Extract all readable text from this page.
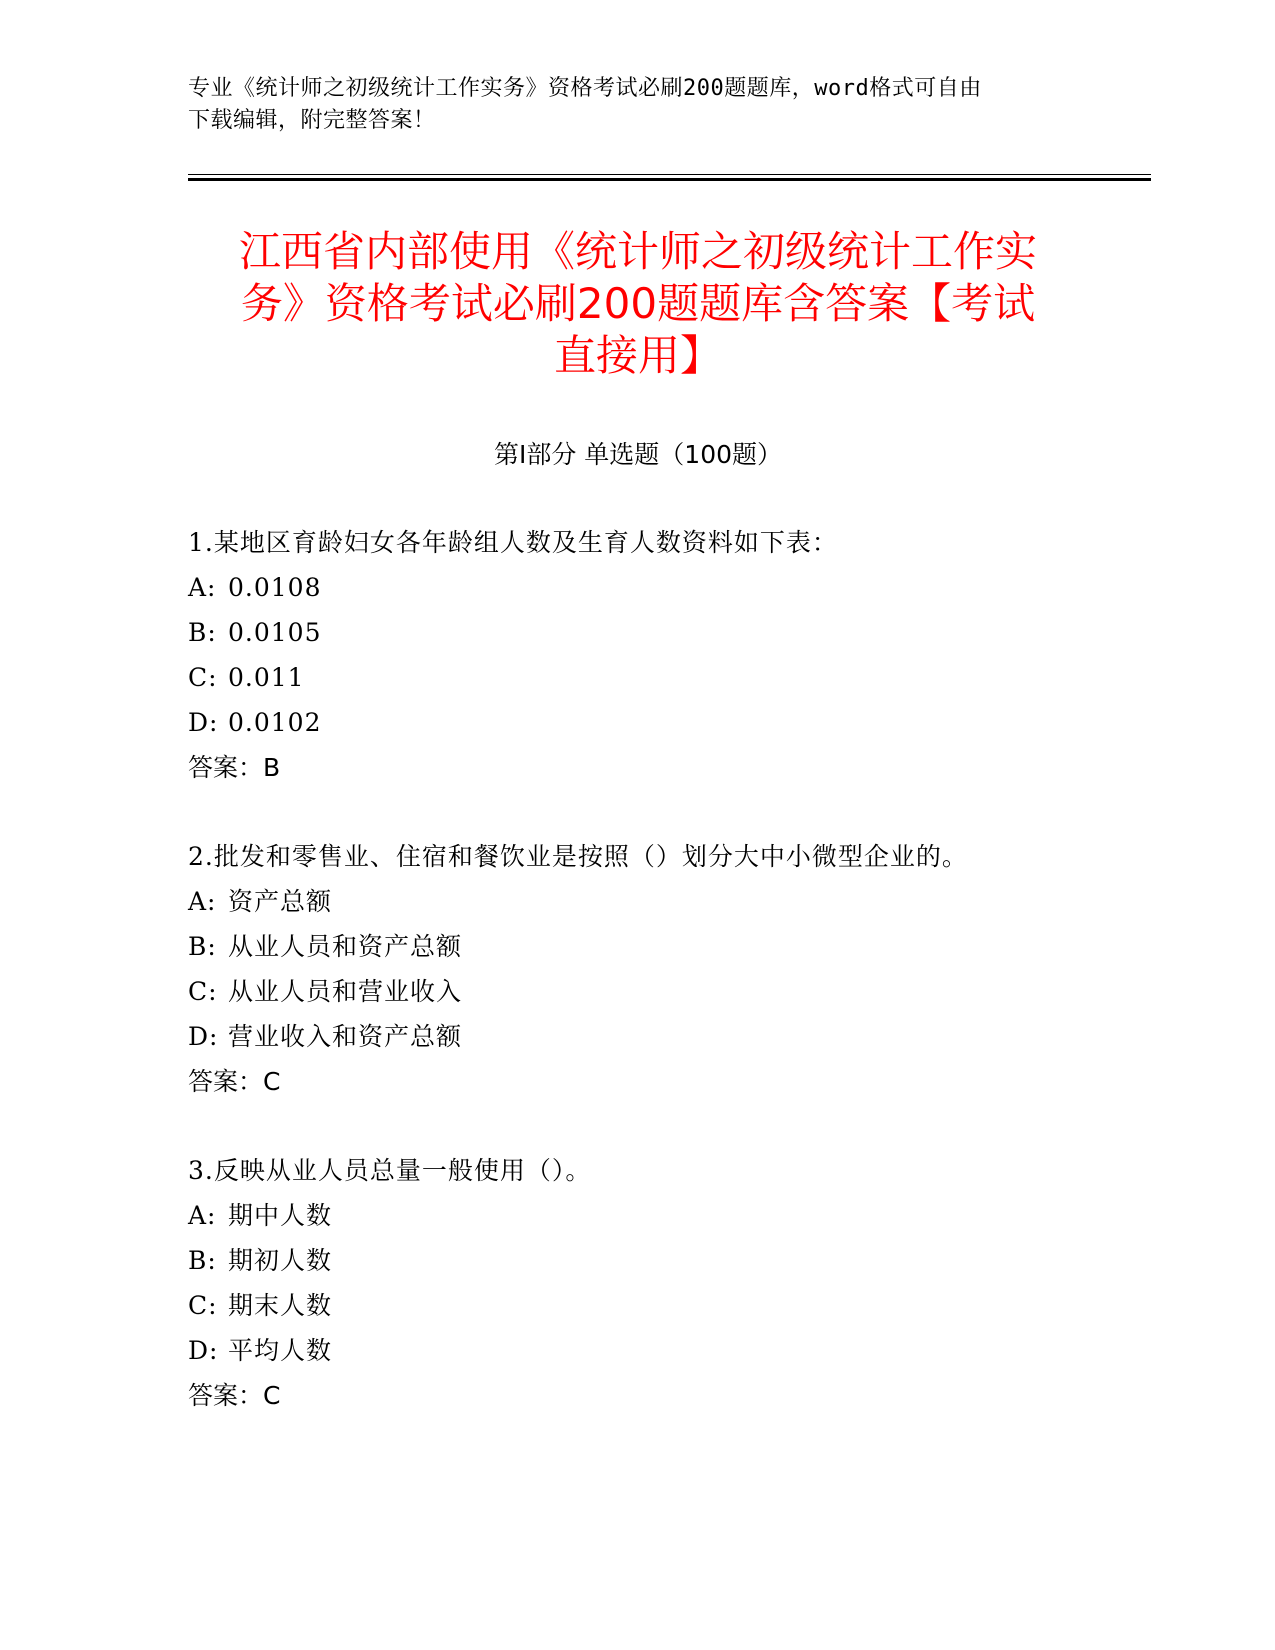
专业《统计师之初级统计工作实务》资格考试必刷200题题库，word格式可自由
下载编辑，附完整答案！
江西省内部使用《统计师之初级统计工作实
务》资格考试必刷200题题库含答案【考试
直接用】
第Ⅰ部分 单选题（100题）
1.某地区育龄妇女各年龄组人数及生育人数资料如下表：
A: 0.0108
B: 0.0105
C: 0.011
D: 0.0102
答案：B
2.批发和零售业、住宿和餐饮业是按照（）划分大中小微型企业的。
A: 资产总额
B: 从业人员和资产总额
C: 从业人员和营业收入
D: 营业收入和资产总额
答案：C
3.反映从业人员总量一般使用（）。
A: 期中人数
B: 期初人数
C: 期末人数
D: 平均人数
答案：C
